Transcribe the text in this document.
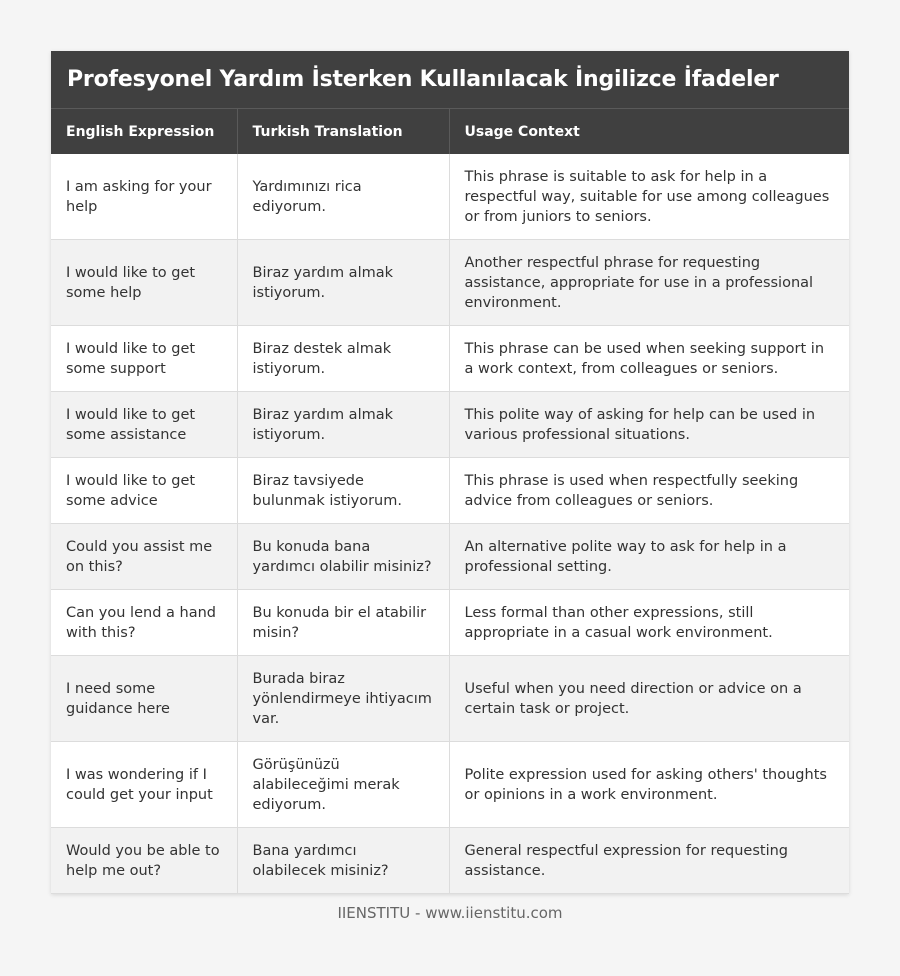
Profesyonel Yardım İsterken Kullanılacak İngilizce İfadeler
English Expression	Turkish Translation	Usage Context
I am asking for your help	Yardımınızı rica ediyorum.	This phrase is suitable to ask for help in a respectful way, suitable for use among colleagues or from juniors to seniors.
I would like to get some help	Biraz yardım almak istiyorum.	Another respectful phrase for requesting assistance, appropriate for use in a professional environment.
I would like to get some support	Biraz destek almak istiyorum.	This phrase can be used when seeking support in a work context, from colleagues or seniors.
I would like to get some assistance	Biraz yardım almak istiyorum.	This polite way of asking for help can be used in various professional situations.
I would like to get some advice	Biraz tavsiyede bulunmak istiyorum.	This phrase is used when respectfully seeking advice from colleagues or seniors.
Could you assist me on this?	Bu konuda bana yardımcı olabilir misiniz?	An alternative polite way to ask for help in a professional setting.
Can you lend a hand with this?	Bu konuda bir el atabilir misin?	Less formal than other expressions, still appropriate in a casual work environment.
I need some guidance here	Burada biraz yönlendirmeye ihtiyacım var.	Useful when you need direction or advice on a certain task or project.
I was wondering if I could get your input	Görüşünüzü alabileceğimi merak ediyorum.	Polite expression used for asking others' thoughts or opinions in a work environment.
Would you be able to help me out?	Bana yardımcı olabilecek misiniz?	General respectful expression for requesting assistance.
IIENSTITU - www.iienstitu.com
